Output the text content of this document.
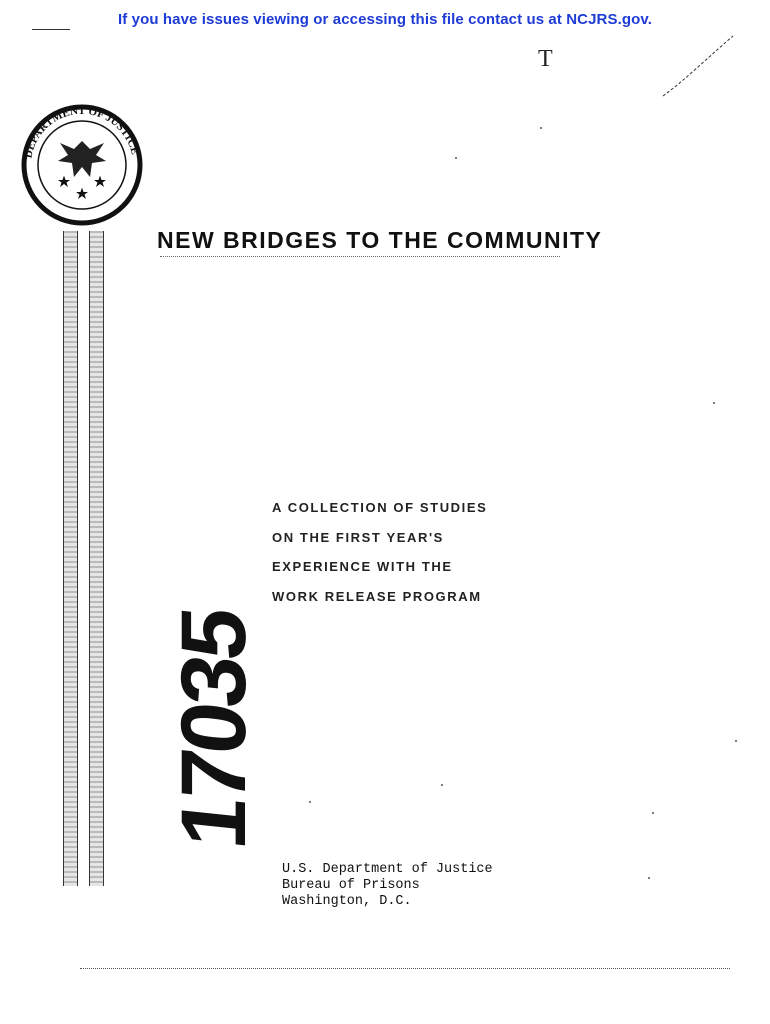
If you have issues viewing or accessing this file contact us at NCJRS.gov.
T
DEPARTMENT OF JUSTICE
17035
NEW BRIDGES TO THE COMMUNITY
A COLLECTION OF STUDIES
ON THE FIRST YEAR'S
EXPERIENCE WITH THE
WORK RELEASE PROGRAM
U.S. Department of Justice
Bureau of Prisons
Washington, D.C.
